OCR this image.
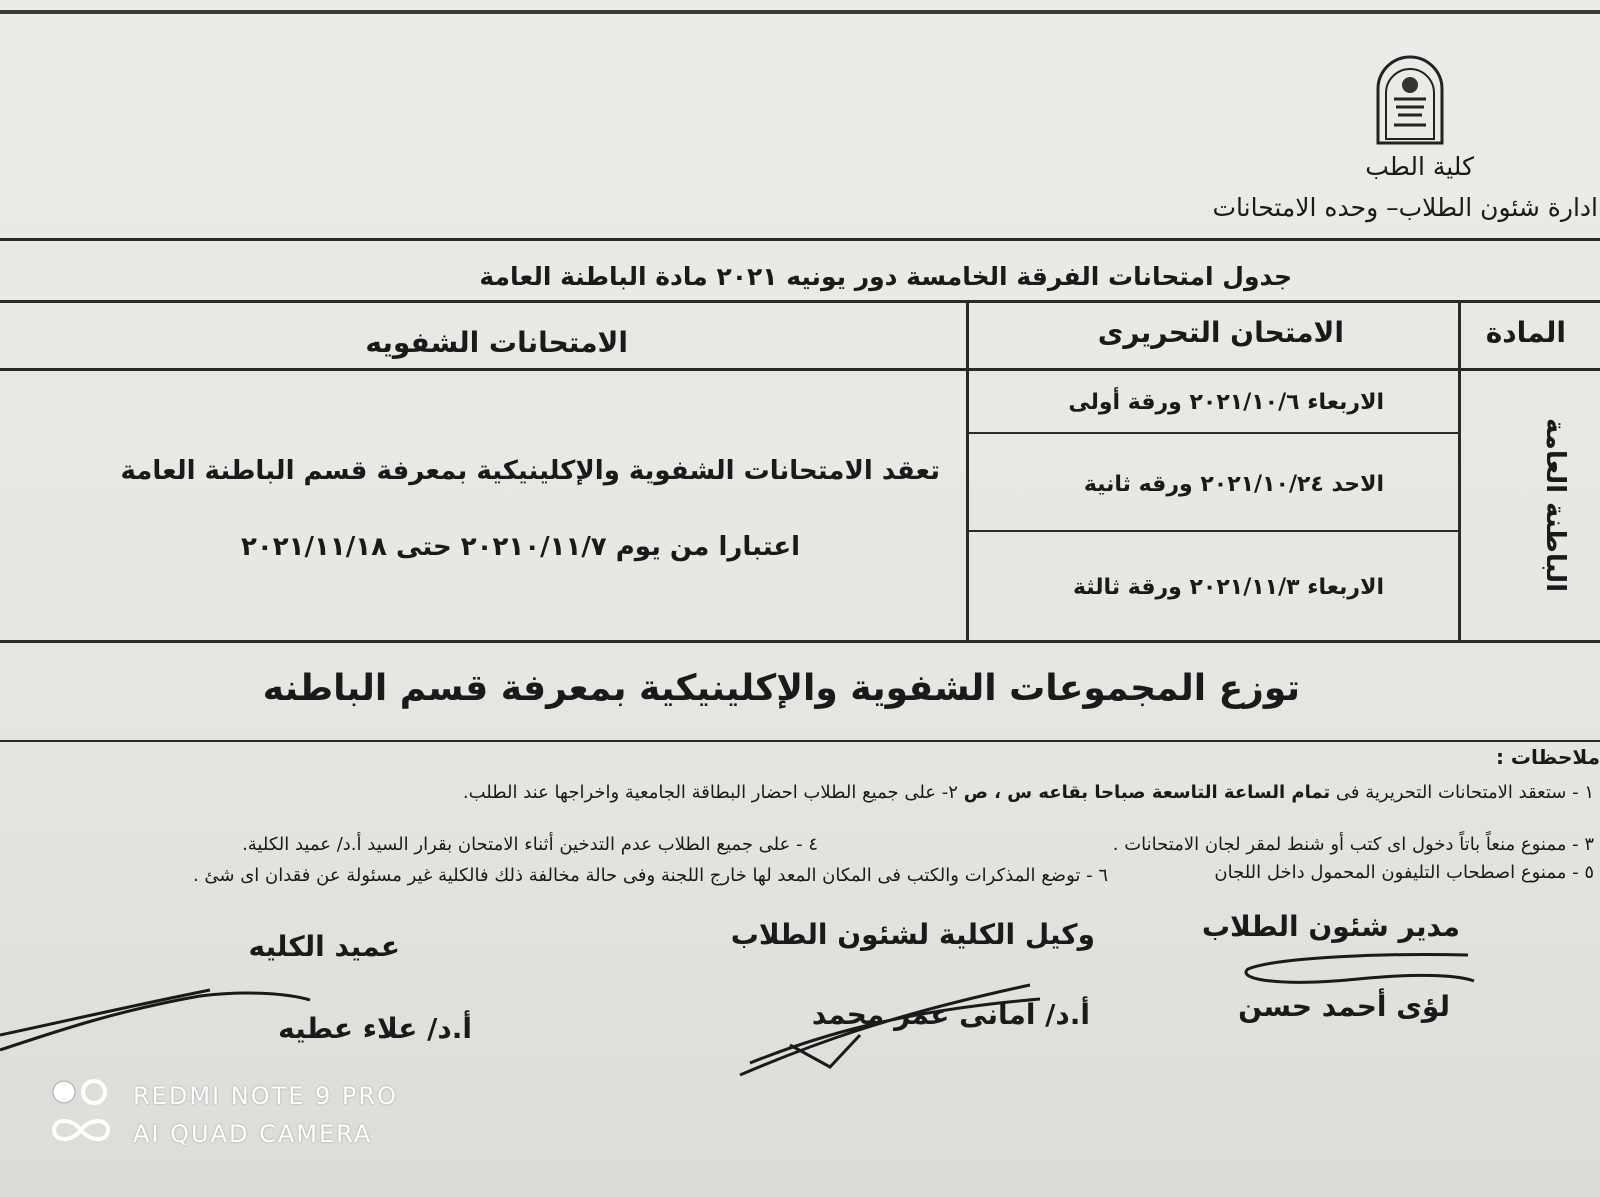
كلية الطب
ادارة شئون الطلاب– وحده الامتحانات
جدول امتحانات الفرقة الخامسة دور يونيه ٢٠٢١ مادة الباطنة العامة
المادة
الامتحان التحريرى
الامتحانات الشفويه
الباطنة العامة
الاربعاء ٢٠٢١/١٠/٦ ورقة أولى
الاحد ٢٠٢١/١٠/٢٤ ورقه ثانية
الاربعاء ٢٠٢١/١١/٣ ورقة ثالثة
تعقد الامتحانات الشفوية والإكلينيكية بمعرفة قسم الباطنة العامة
اعتبارا من يوم ٢٠٢١٠/١١/٧ حتى ٢٠٢١/١١/١٨
توزع المجموعات الشفوية والإكلينيكية بمعرفة قسم الباطنه
ملاحظات :
١ - ستعقد الامتحانات التحريرية فى تمام الساعة التاسعة صباحا بقاعه س ، ص ٢- على جميع الطلاب احضار البطاقة الجامعية واخراجها عند الطلب.
٣ - ممنوع منعاً باتاً دخول اى كتب أو شنط لمقر لجان الامتحانات .
٤ - على جميع الطلاب عدم التدخين أثناء الامتحان بقرار السيد أ.د/ عميد الكلية.
٥ - ممنوع اصطحاب التليفون المحمول داخل اللجان
٦ - توضع المذكرات والكتب فى المكان المعد لها خارج اللجنة وفى حالة مخالفة ذلك فالكلية غير مسئولة عن فقدان اى شئ .
مدير شئون الطلاب
لؤى أحمد حسن
وكيل الكلية لشئون الطلاب
أ.د/ امانى عمر محمد
عميد الكليه
أ.د/ علاء عطيه
REDMI NOTE 9 PRO
AI QUAD CAMERA
